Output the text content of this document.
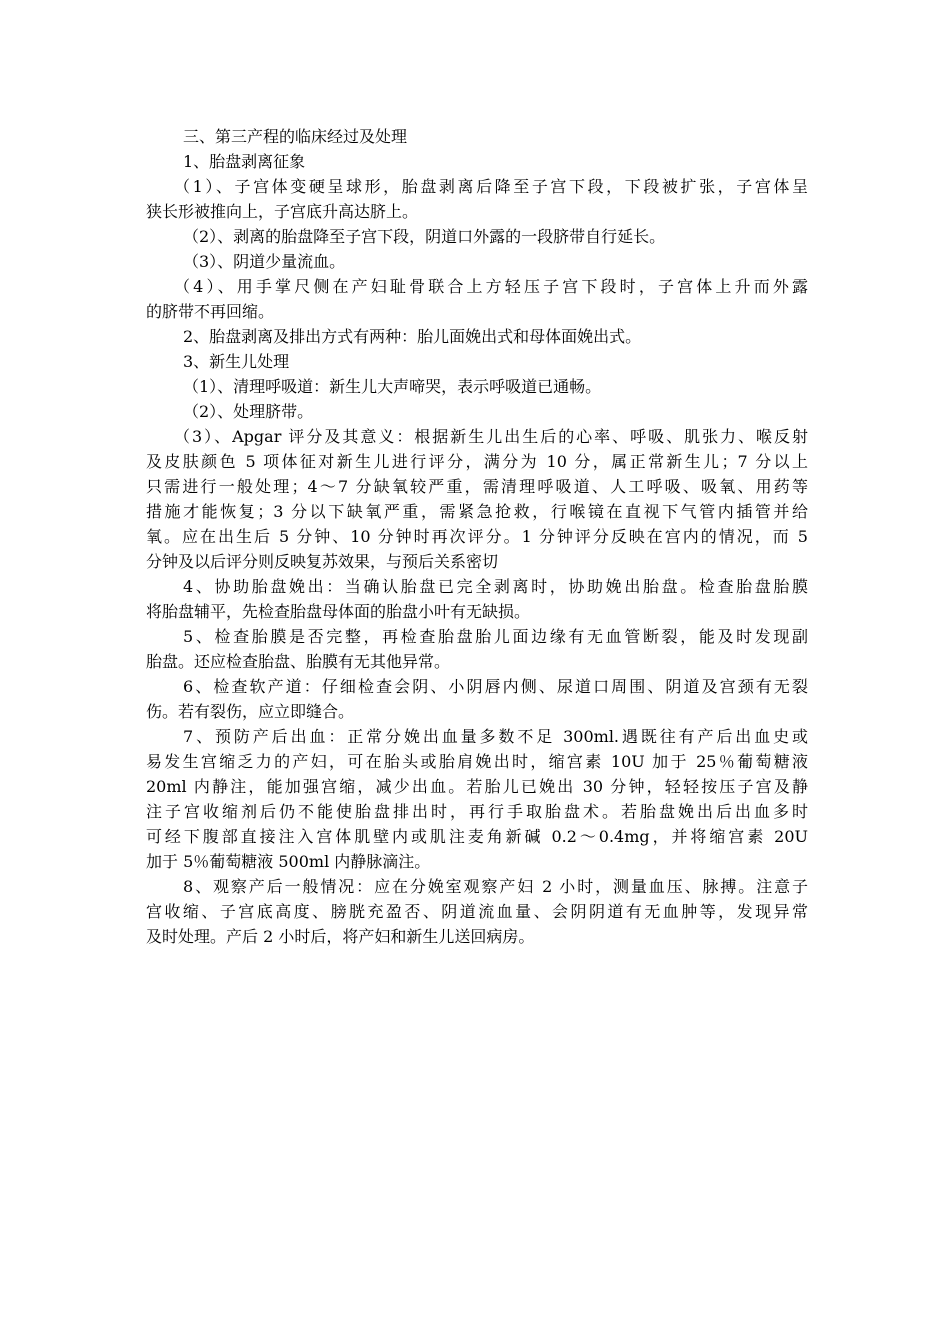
三、第三产程的临床经过及处理
1、胎盘剥离征象
（1）、子宫体变硬呈球形，胎盘剥离后降至子宫下段，下段被扩张，子宫体呈
狭长形被推向上，子宫底升高达脐上。
（2）、剥离的胎盘降至子宫下段，阴道口外露的一段脐带自行延长。
（3）、阴道少量流血。
（4）、用手掌尺侧在产妇耻骨联合上方轻压子宫下段时，子宫体上升而外露
的脐带不再回缩。
2、胎盘剥离及排出方式有两种：胎儿面娩出式和母体面娩出式。
3、新生儿处理
（1）、清理呼吸道：新生儿大声啼哭，表示呼吸道已通畅。
（2）、处理脐带。
（3）、Apgar 评分及其意义：根据新生儿出生后的心率、呼吸、肌张力、喉反射
及皮肤颜色 5 项体征对新生儿进行评分，满分为 10 分，属正常新生儿；7 分以上
只需进行一般处理；4～7 分缺氧较严重，需清理呼吸道、人工呼吸、吸氧、用药等
措施才能恢复；3 分以下缺氧严重，需紧急抢救，行喉镜在直视下气管内插管并给
氧。应在出生后 5 分钟、10 分钟时再次评分。1 分钟评分反映在宫内的情况，而 5
分钟及以后评分则反映复苏效果，与预后关系密切
4、协助胎盘娩出：当确认胎盘已完全剥离时，协助娩出胎盘。检查胎盘胎膜
将胎盘辅平，先检查胎盘母体面的胎盘小叶有无缺损。
5、检查胎膜是否完整，再检查胎盘胎儿面边缘有无血管断裂，能及时发现副
胎盘。还应检查胎盘、胎膜有无其他异常。
6、检查软产道：仔细检查会阴、小阴唇内侧、尿道口周围、阴道及宫颈有无裂
伤。若有裂伤，应立即缝合。
7、预防产后出血：正常分娩出血量多数不足 300ml.遇既往有产后出血史或
易发生宫缩乏力的产妇，可在胎头或胎肩娩出时，缩宫素 10U 加于 25％葡萄糖液
20ml 内静注，能加强宫缩，减少出血。若胎儿已娩出 30 分钟，轻轻按压子宫及静
注子宫收缩剂后仍不能使胎盘排出时，再行手取胎盘术。若胎盘娩出后出血多时
可经下腹部直接注入宫体肌壁内或肌注麦角新碱 0.2～0.4mg，并将缩宫素 20U
加于 5％葡萄糖液 500ml 内静脉滴注。
8、观察产后一般情况：应在分娩室观察产妇 2 小时，测量血压、脉搏。注意子
宫收缩、子宫底高度、膀胱充盈否、阴道流血量、会阴阴道有无血肿等，发现异常
及时处理。产后 2 小时后，将产妇和新生儿送回病房。
